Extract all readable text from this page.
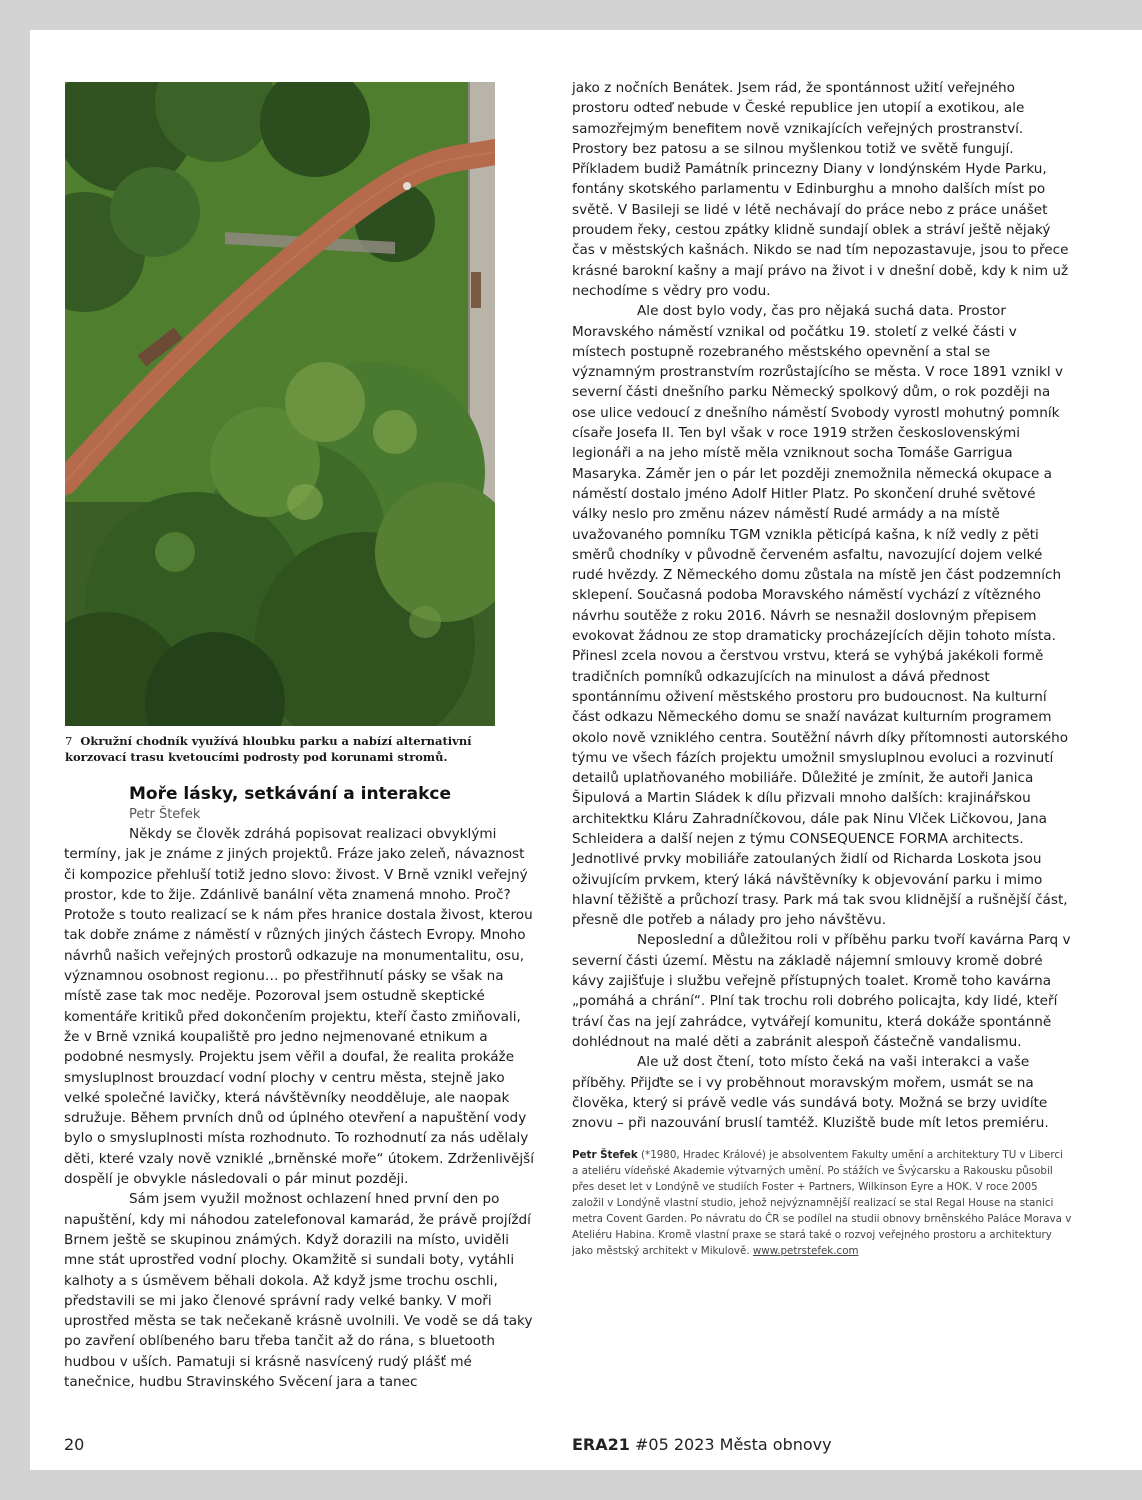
7 Okružní chodník využívá hloubku parku a nabízí alternativní korzovací trasu kvetoucími podrosty pod korunami stromů.
Moře lásky, setkávání a interakce
Petr Štefek

Někdy se člověk zdráhá popisovat realizaci obvyklými termíny, jak je známe z jiných projektů. Fráze jako zeleň, návaznost či kompozice přehluší totiž jedno slovo: živost. V Brně vznikl veřejný prostor, kde to žije. Zdánlivě banální věta znamená mnoho. Proč? Protože s touto realizací se k nám přes hranice dostala živost, kterou tak dobře známe z náměstí v různých jiných částech Evropy. Mnoho návrhů našich veřejných prostorů odkazuje na monumentalitu, osu, významnou osobnost regionu… po přestřihnutí pásky se však na místě zase tak moc neděje. Pozoroval jsem ostudně skeptické komentáře kritiků před dokončením projektu, kteří často zmiňovali, že v Brně vzniká koupaliště pro jedno nejmenované etnikum a podobné nesmysly. Projektu jsem věřil a doufal, že realita prokáže smysluplnost brouzdací vodní plochy v centru města, stejně jako velké společné lavičky, která návštěvníky neodděluje, ale naopak sdružuje. Během prvních dnů od úplného otevření a napuštění vody bylo o smysluplnosti místa rozhodnuto. To rozhodnutí za nás udělaly děti, které vzaly nově vzniklé „brněnské moře“ útokem. Zdrženlivější dospělí je obvykle následovali o pár minut později.

Sám jsem využil možnost ochlazení hned první den po napuštění, kdy mi náhodou zatelefonoval kamarád, že právě projíždí Brnem ještě se skupinou známých. Když dorazili na místo, uviděli mne stát uprostřed vodní plochy. Okamžitě si sundali boty, vytáhli kalhoty a s úsměvem běhali dokola. Až když jsme trochu oschli, představili se mi jako členové správní rady velké banky. V moři uprostřed města se tak nečekaně krásně uvolnili. Ve vodě se dá taky po zavření oblíbeného baru třeba tančit až do rána, s bluetooth hudbou v uších. Pamatuji si krásně nasvícený rudý plášť mé tanečnice, hudbu Stravinského Svěcení jara a tanec

jako z nočních Benátek. Jsem rád, že spontánnost užití veřejného prostoru odteď nebude v České republice jen utopií a exotikou, ale samozřejmým benefitem nově vznikajících veřejných prostranství. Prostory bez patosu a se silnou myšlenkou totiž ve světě fungují. Příkladem budiž Památník princezny Diany v londýnském Hyde Parku, fontány skotského parlamentu v Edinburghu a mnoho dalších míst po světě. V Basileji se lidé v létě nechávají do práce nebo z práce unášet proudem řeky, cestou zpátky klidně sundají oblek a stráví ještě nějaký čas v městských kašnách. Nikdo se nad tím nepozastavuje, jsou to přece krásné barokní kašny a mají právo na život i v dnešní době, kdy k nim už nechodíme s vědry pro vodu.

Ale dost bylo vody, čas pro nějaká suchá data. Prostor Moravského náměstí vznikal od počátku 19. století z velké části v místech postupně rozebraného městského opevnění a stal se významným prostranstvím rozrůstajícího se města. V roce 1891 vznikl v severní části dnešního parku Německý spolkový dům, o rok později na ose ulice vedoucí z dnešního náměstí Svobody vyrostl mohutný pomník císaře Josefa II. Ten byl však v roce 1919 stržen československými legionáři a na jeho místě měla vzniknout socha Tomáše Garrigua Masaryka. Záměr jen o pár let později znemožnila německá okupace a náměstí dostalo jméno Adolf Hitler Platz. Po skončení druhé světové války neslo pro změnu název náměstí Rudé armády a na místě uvažovaného pomníku TGM vznikla pěticípá kašna, k níž vedly z pěti směrů chodníky v původně červeném asfaltu, navozující dojem velké rudé hvězdy. Z Německého domu zůstala na místě jen část podzemních sklepení. Současná podoba Moravského náměstí vychází z vítězného návrhu soutěže z roku 2016. Návrh se nesnažil doslovným přepisem evokovat žádnou ze stop dramaticky procházejících dějin tohoto místa. Přinesl zcela novou a čerstvou vrstvu, která se vyhýbá jakékoli formě tradičních pomníků odkazujících na minulost a dává přednost spontánnímu oživení městského prostoru pro budoucnost. Na kulturní část odkazu Německého domu se snaží navázat kulturním programem okolo nově vzniklého centra. Soutěžní návrh díky přítomnosti autorského týmu ve všech fázích projektu umožnil smysluplnou evoluci a rozvinutí detailů uplatňovaného mobiliáře. Důležité je zmínit, že autoři Janica Šipulová a Martin Sládek k dílu přizvali mnoho dalších: krajinářskou architektku Kláru Zahradníčkovou, dále pak Ninu Vlček Ličkovou, Jana Schleidera a další nejen z týmu CONSEQUENCE FORMA architects. Jednotlivé prvky mobiliáře zatoulaných židlí od Richarda Loskota jsou oživujícím prvkem, který láká návštěvníky k objevování parku i mimo hlavní těžiště a průchozí trasy. Park má tak svou klidnější a rušnější část, přesně dle potřeb a nálady pro jeho návštěvu.

Neposlední a důležitou roli v příběhu parku tvoří kavárna Parq v severní části území. Městu na základě nájemní smlouvy kromě dobré kávy zajišťuje i službu veřejně přístupných toalet. Kromě toho kavárna „pomáhá a chrání“. Plní tak trochu roli dobrého policajta, kdy lidé, kteří tráví čas na její zahrádce, vytvářejí komunitu, která dokáže spontánně dohlédnout na malé děti a zabránit alespoň částečně vandalismu.

Ale už dost čtení, toto místo čeká na vaši interakci a vaše příběhy. Přijďte se i vy proběhnout moravským mořem, usmát se na člověka, který si právě vedle vás sundává boty. Možná se brzy uvidíte znovu – při nazouvání bruslí tamtéž. Kluziště bude mít letos premiéru.

Petr Štefek (*1980, Hradec Králové) je absolventem Fakulty umění a architektury TU v Liberci a ateliéru vídeňské Akademie výtvarných umění. Po stážích ve Švýcarsku a Rakousku působil přes deset let v Londýně ve studiích Foster + Partners, Wilkinson Eyre a HOK. V roce 2005 založil v Londýně vlastní studio, jehož nejvýznamnější realizací se stal Regal House na stanici metra Covent Garden. Po návratu do ČR se podílel na studii obnovy brněnského Paláce Morava v Ateliéru Habina. Kromě vlastní praxe se stará také o rozvoj veřejného prostoru a architektury jako městský architekt v Mikulově. www.petrstefek.com
20	ERA21 #05 2023 Města obnovy
